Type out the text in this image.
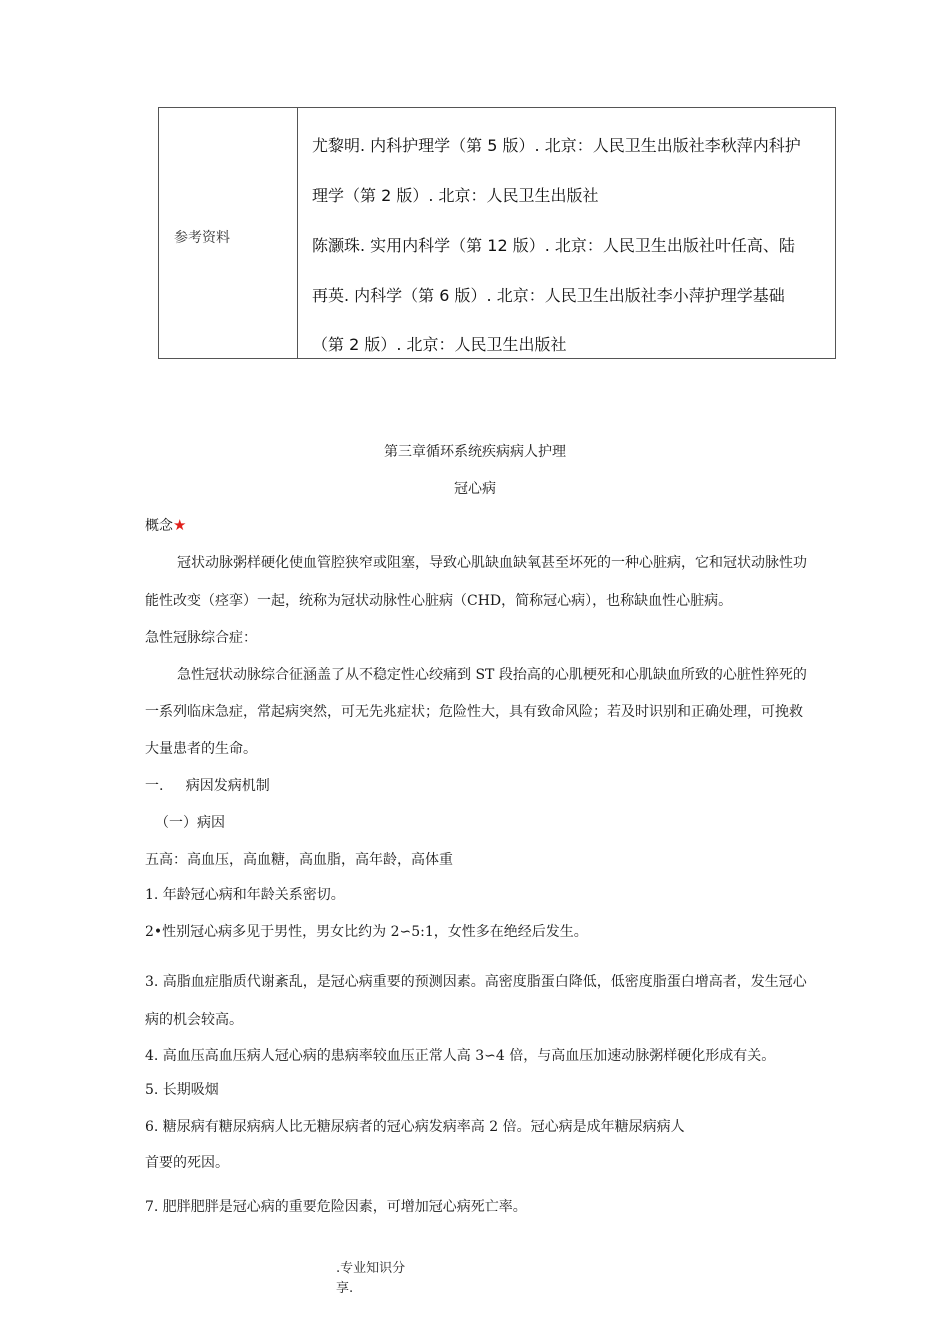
参考资料
尤黎明. 内科护理学（第 5 版）. 北京：人民卫生出版社李秋萍内科护
理学（第 2 版）. 北京：人民卫生出版社
陈灏珠. 实用内科学（第 12 版）. 北京：人民卫生出版社叶任高、陆
再英. 内科学（第 6 版）. 北京：人民卫生出版社李小萍护理学基础
（第 2 版）. 北京：人民卫生出版社
第三章循环系统疾病病人护理
冠心病
概念★
冠状动脉粥样硬化使血管腔狭窄或阻塞，导致心肌缺血缺氧甚至坏死的一种心脏病，它和冠状动脉性功
能性改变（痉挛）一起，统称为冠状动脉性心脏病（CHD，简称冠心病），也称缺血性心脏病。
急性冠脉综合症：
急性冠状动脉综合征涵盖了从不稳定性心绞痛到 ST 段抬高的心肌梗死和心肌缺血所致的心脏性猝死的
一系列临床急症，常起病突然，可无先兆症状；危险性大，具有致命风险；若及时识别和正确处理，可挽救
大量患者的生命。
一.     病因发病机制
（一）病因
五高：高血压，高血糖，高血脂，高年龄，高体重
1. 年龄冠心病和年龄关系密切。
2•性别冠心病多见于男性，男女比约为 2∽5:1，女性多在绝经后发生。
3. 高脂血症脂质代谢紊乱，是冠心病重要的预测因素。高密度脂蛋白降低，低密度脂蛋白增高者，发生冠心
病的机会较高。
4. 高血压高血压病人冠心病的患病率较血压正常人高 3∽4 倍，与高血压加速动脉粥样硬化形成有关。
5. 长期吸烟
6. 糖尿病有糖尿病病人比无糖尿病者的冠心病发病率高 2 倍。冠心病是成年糖尿病病人
首要的死因。
7. 肥胖肥胖是冠心病的重要危险因素，可增加冠心病死亡率。
.专业知识分
享.
